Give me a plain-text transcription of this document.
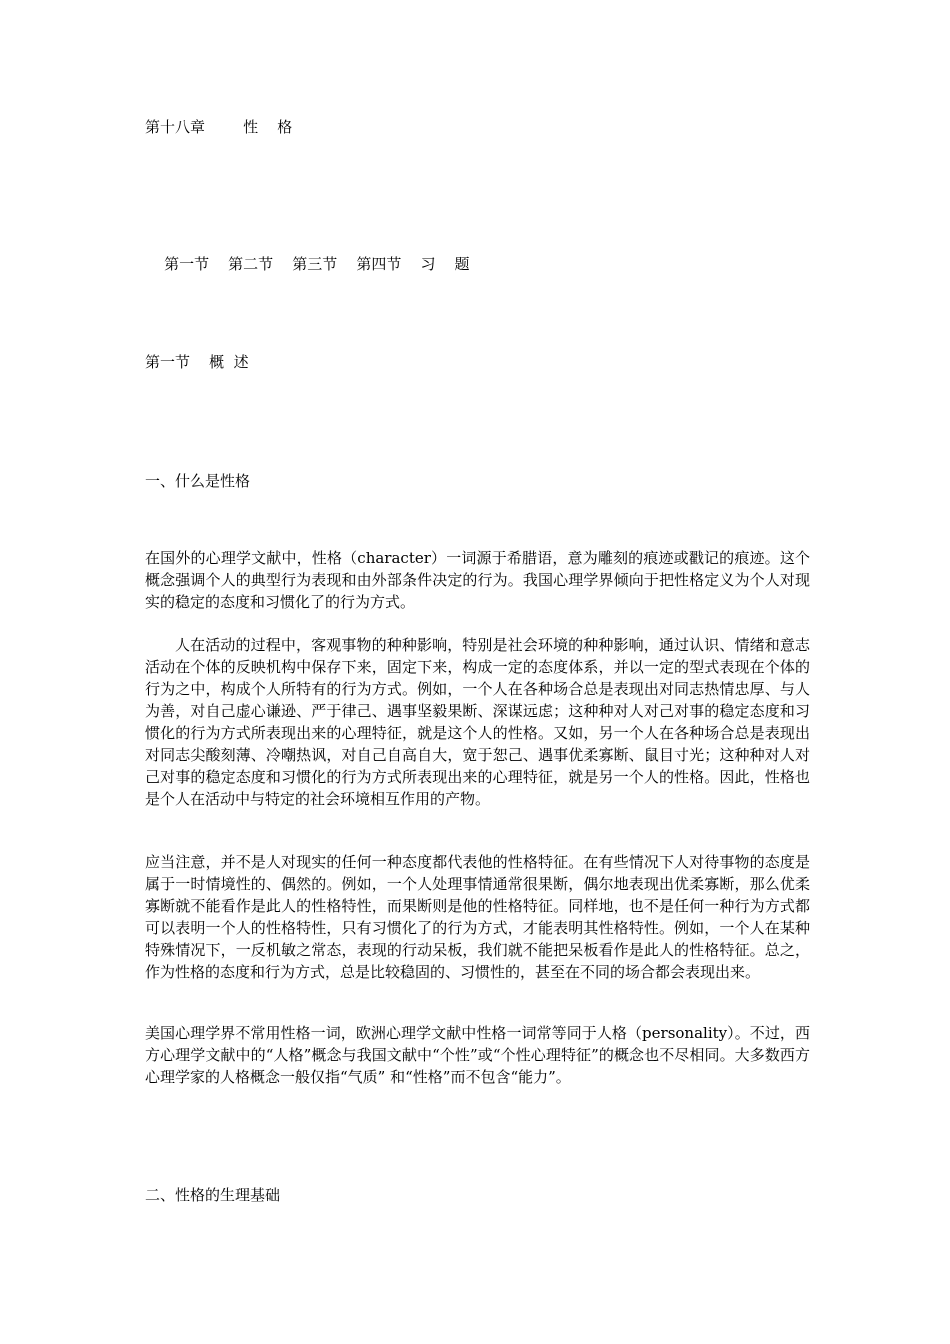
第十八章        性    格

第一节 第二节 第三节 第四节 习    题

第一节    概  述
一、什么是性格

在国外的心理学文献中，性格（character）一词源于希腊语，意为雕刻的痕迹或戳记的痕迹。这个概念强调个人的典型行为表现和由外部条件决定的行为。我国心理学界倾向于把性格定义为个人对现实的稳定的态度和习惯化了的行为方式。

人在活动的过程中，客观事物的种种影响，特别是社会环境的种种影响，通过认识、情绪和意志活动在个体的反映机构中保存下来，固定下来，构成一定的态度体系，并以一定的型式表现在个体的行为之中，构成个人所特有的行为方式。例如，一个人在各种场合总是表现出对同志热情忠厚、与人为善，对自己虚心谦逊、严于律己、遇事坚毅果断、深谋远虑；这种种对人对己对事的稳定态度和习惯化的行为方式所表现出来的心理特征，就是这个人的性格。又如，另一个人在各种场合总是表现出对同志尖酸刻薄、冷嘲热讽，对自己自高自大，宽于恕己、遇事优柔寡断、鼠目寸光；这种种对人对己对事的稳定态度和习惯化的行为方式所表现出来的心理特征，就是另一个人的性格。因此，性格也是个人在活动中与特定的社会环境相互作用的产物。

应当注意，并不是人对现实的任何一种态度都代表他的性格特征。在有些情况下人对待事物的态度是属于一时情境性的、偶然的。例如，一个人处理事情通常很果断，偶尔地表现出优柔寡断，那么优柔寡断就不能看作是此人的性格特性，而果断则是他的性格特征。同样地，也不是任何一种行为方式都可以表明一个人的性格特性，只有习惯化了的行为方式，才能表明其性格特性。例如，一个人在某种特殊情况下，一反机敏之常态，表现的行动呆板，我们就不能把呆板看作是此人的性格特征。总之，作为性格的态度和行为方式，总是比较稳固的、习惯性的，甚至在不同的场合都会表现出来。

美国心理学界不常用性格一词，欧洲心理学文献中性格一词常等同于人格（personality）。不过，西方心理学文献中的“人格”概念与我国文献中“个性”或“个性心理特征”的概念也不尽相同。大多数西方心理学家的人格概念一般仅指“气质” 和“性格”而不包含“能力”。

二、性格的生理基础
